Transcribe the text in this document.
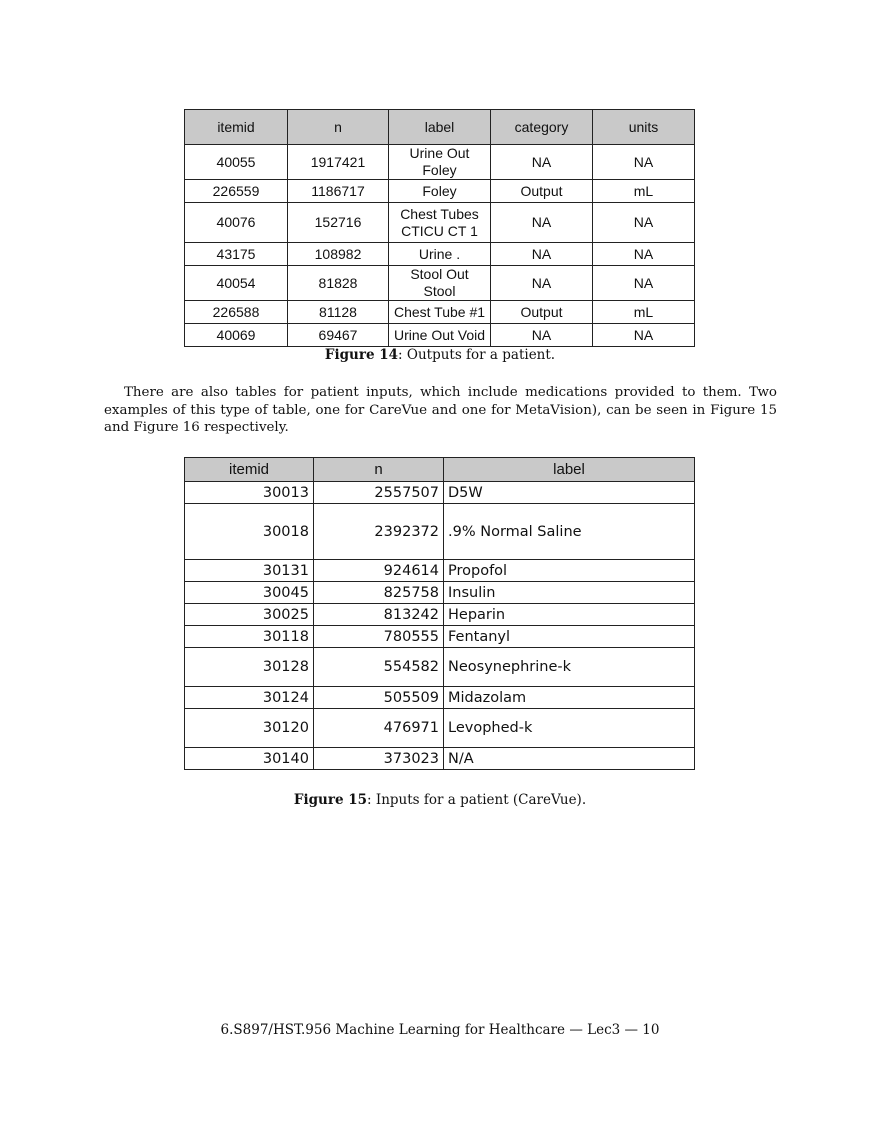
itemid	n	label	category	units
40055	1917421	Urine Out Foley	NA	NA
226559	1186717	Foley	Output	mL
40076	152716	Chest Tubes CTICU CT 1	NA	NA
43175	108982	Urine .	NA	NA
40054	81828	Stool Out Stool	NA	NA
226588	81128	Chest Tube #1	Output	mL
40069	69467	Urine Out Void	NA	NA
Figure 14: Outputs for a patient.

There are also tables for patient inputs, which include medications provided to them. Two examples of this type of table, one for CareVue and one for MetaVision), can be seen in Figure 15 and Figure 16 respectively.

itemid	n	label
30013	2557507	D5W
30018	2392372	.9% Normal Saline
30131	924614	Propofol
30045	825758	Insulin
30025	813242	Heparin
30118	780555	Fentanyl
30128	554582	Neosynephrine-k
30124	505509	Midazolam
30120	476971	Levophed-k
30140	373023	N/A
Figure 15: Inputs for a patient (CareVue).
6.S897/HST.956 Machine Learning for Healthcare — Lec3 — 10
